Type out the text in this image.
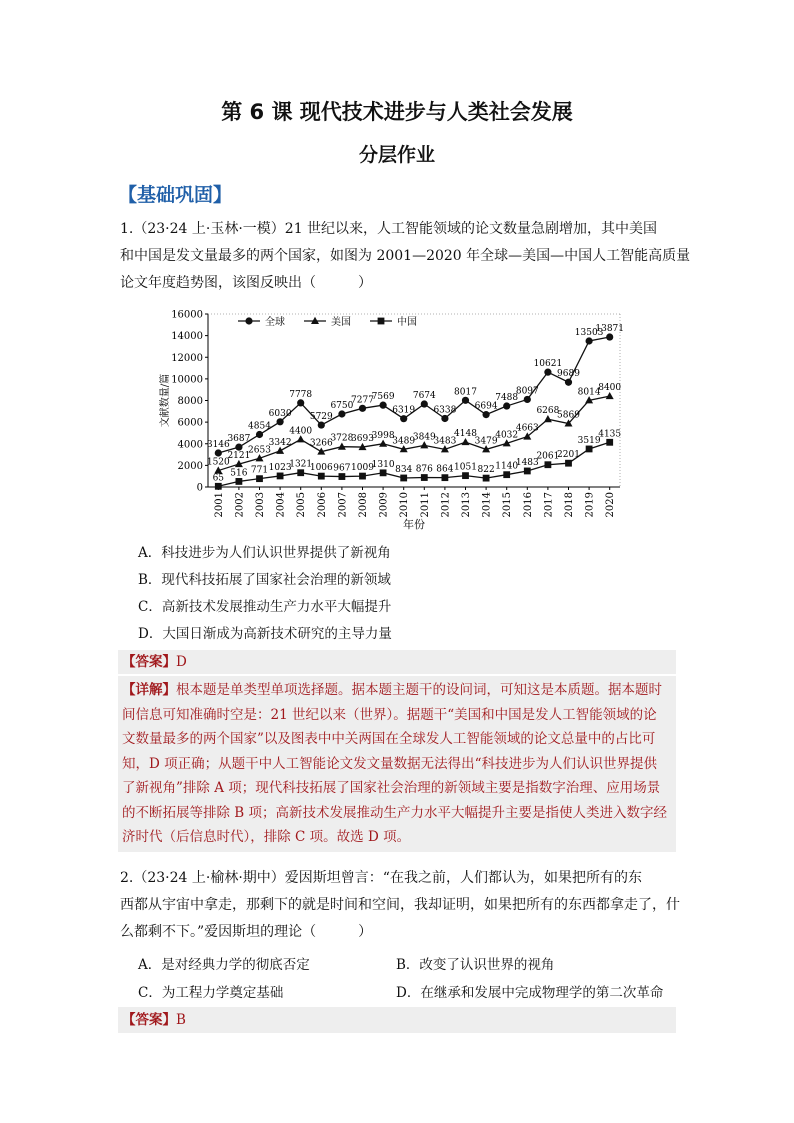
第 6 课 现代技术进步与人类社会发展
分层作业
【基础巩固】
1.（23·24 上·玉林·一模）21 世纪以来，人工智能领域的论文数量急剧增加，其中美国
和中国是发文量最多的两个国家，如图为 2001—2020 年全球—美国—中国人工智能高质量
论文年度趋势图，该图反映出（　　　）
0
2000
4000
6000
8000
10000
12000
14000
16000
2001 2002 2003 2004 2005 2006 2007 2008 2009 2010 2011 2012 2013 2014 2015 2016 2017 2018 2019 2020
年份
文献数量/篇
3146
3687
4854
6030
7778
5729
6750
7277
7569
6319
7674
6338
8017
6694
7488
8097
10621
9689
13503
13871
1520
2121
2653
3342
4400
3266
3728
3693
3998
3489
3849
3483
4148
3479
4032
4663
6268
5869
8014
8400
65 516 771 1023
1321
1006 967 1009
1310
834 876 864 1051 822 1140
1483
2061
2201
3519
4135
全球	美国	中国
A．科技进步为人们认识世界提供了新视角
B．现代科技拓展了国家社会治理的新领域
C．高新技术发展推动生产力水平大幅提升
D．大国日渐成为高新技术研究的主导力量
【答案】D
【详解】根本题是单类型单项选择题。据本题主题干的设问词，可知这是本质题。据本题时
间信息可知准确时空是：21 世纪以来（世界）。据题干“美国和中国是发人工智能领域的论
文数量最多的两个国家”以及图表中中关两国在全球发人工智能领域的论文总量中的占比可
知，D 项正确；从题干中人工智能论文发文量数据无法得出“科技进步为人们认识世界提供
了新视角”排除 A 项；现代科技拓展了国家社会治理的新领域主要是指数字治理、应用场景
的不断拓展等排除 B 项；高新技术发展推动生产力水平大幅提升主要是指使人类进入数字经
济时代（后信息时代），排除 C 项。故选 D 项。
2.（23·24 上·榆林·期中）爱因斯坦曾言：“在我之前，人们都认为，如果把所有的东
西都从宇宙中拿走，那剩下的就是时间和空间，我却证明，如果把所有的东西都拿走了，什
么都剩不下。”爱因斯坦的理论（　　　）
A．是对经典力学的彻底否定	B．改变了认识世界的视角
C．为工程力学奠定基础	D．在继承和发展中完成物理学的第二次革命
【答案】B
